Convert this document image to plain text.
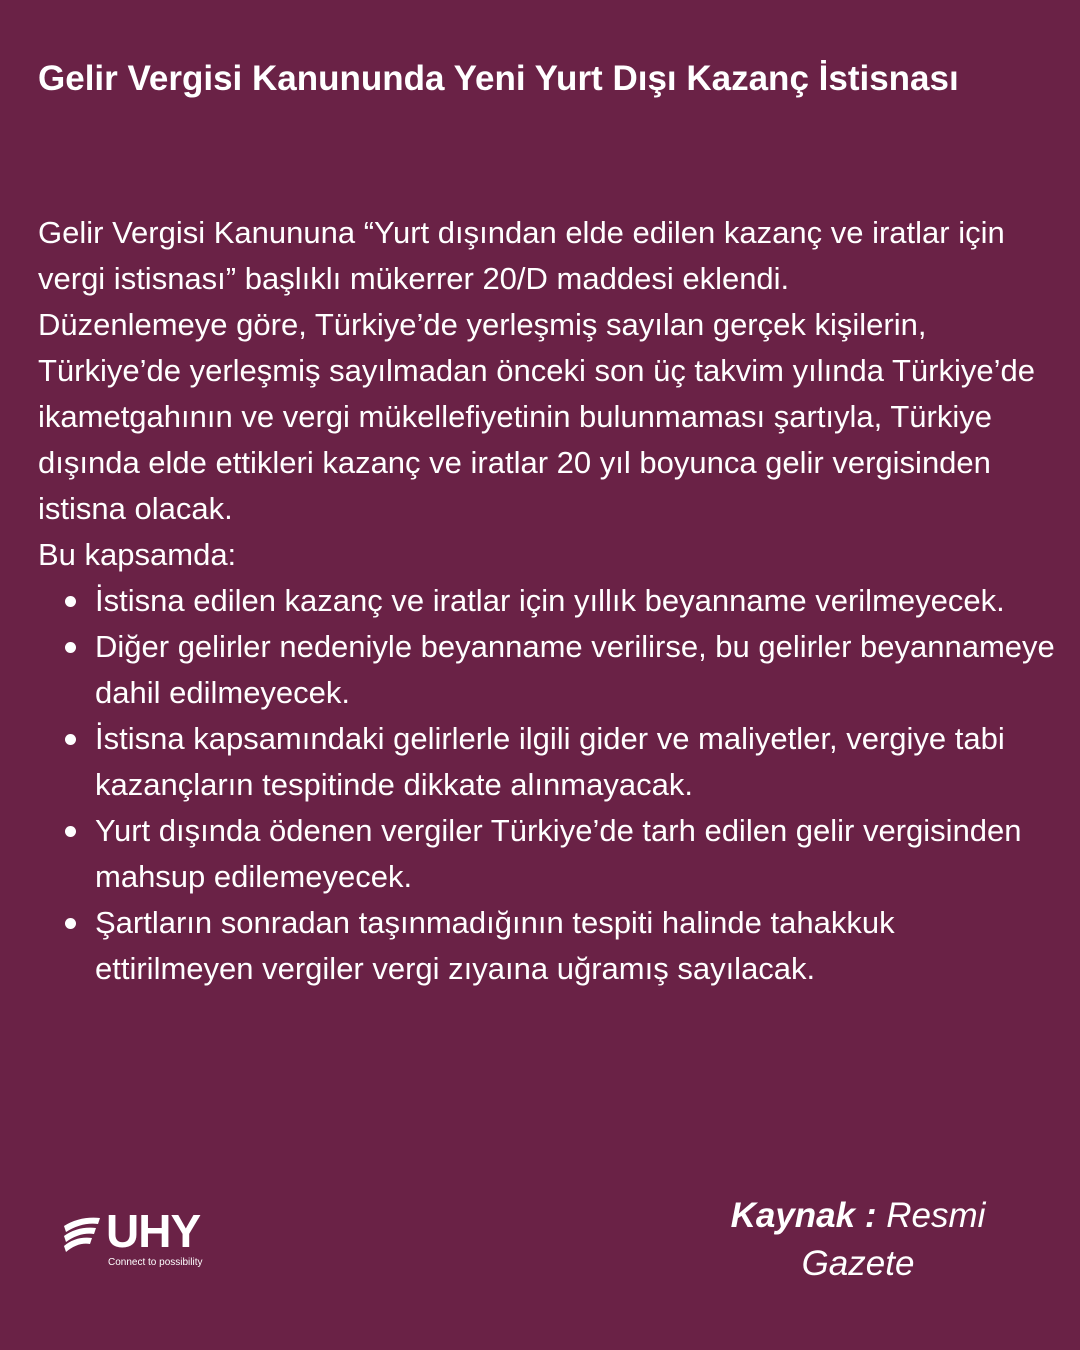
Gelir Vergisi Kanununda Yeni Yurt Dışı Kazanç İstisnası

Gelir Vergisi Kanununa “Yurt dışından elde edilen kazanç ve iratlar için vergi istisnası” başlıklı mükerrer 20/D maddesi eklendi.

Düzenlemeye göre, Türkiye’de yerleşmiş sayılan gerçek kişilerin, Türkiye’de yerleşmiş sayılmadan önceki son üç takvim yılında Türkiye’de ikametgahının ve vergi mükellefiyetinin bulunmaması şartıyla, Türkiye dışında elde ettikleri kazanç ve iratlar 20 yıl boyunca gelir vergisinden istisna olacak.

Bu kapsamda:

İstisna edilen kazanç ve iratlar için yıllık beyanname verilmeyecek.
Diğer gelirler nedeniyle beyanname verilirse, bu gelirler beyannameye dahil edilmeyecek.
İstisna kapsamındaki gelirlerle ilgili gider ve maliyetler, vergiye tabi kazançların tespitinde dikkate alınmayacak.
Yurt dışında ödenen vergiler Türkiye’de tarh edilen gelir vergisinden mahsup edilemeyecek.
Şartların sonradan taşınmadığının tespiti halinde tahakkuk ettirilmeyen vergiler vergi zıyaına uğramış sayılacak.
UHY
Connect to possibility
Kaynak : Resmi Gazete
